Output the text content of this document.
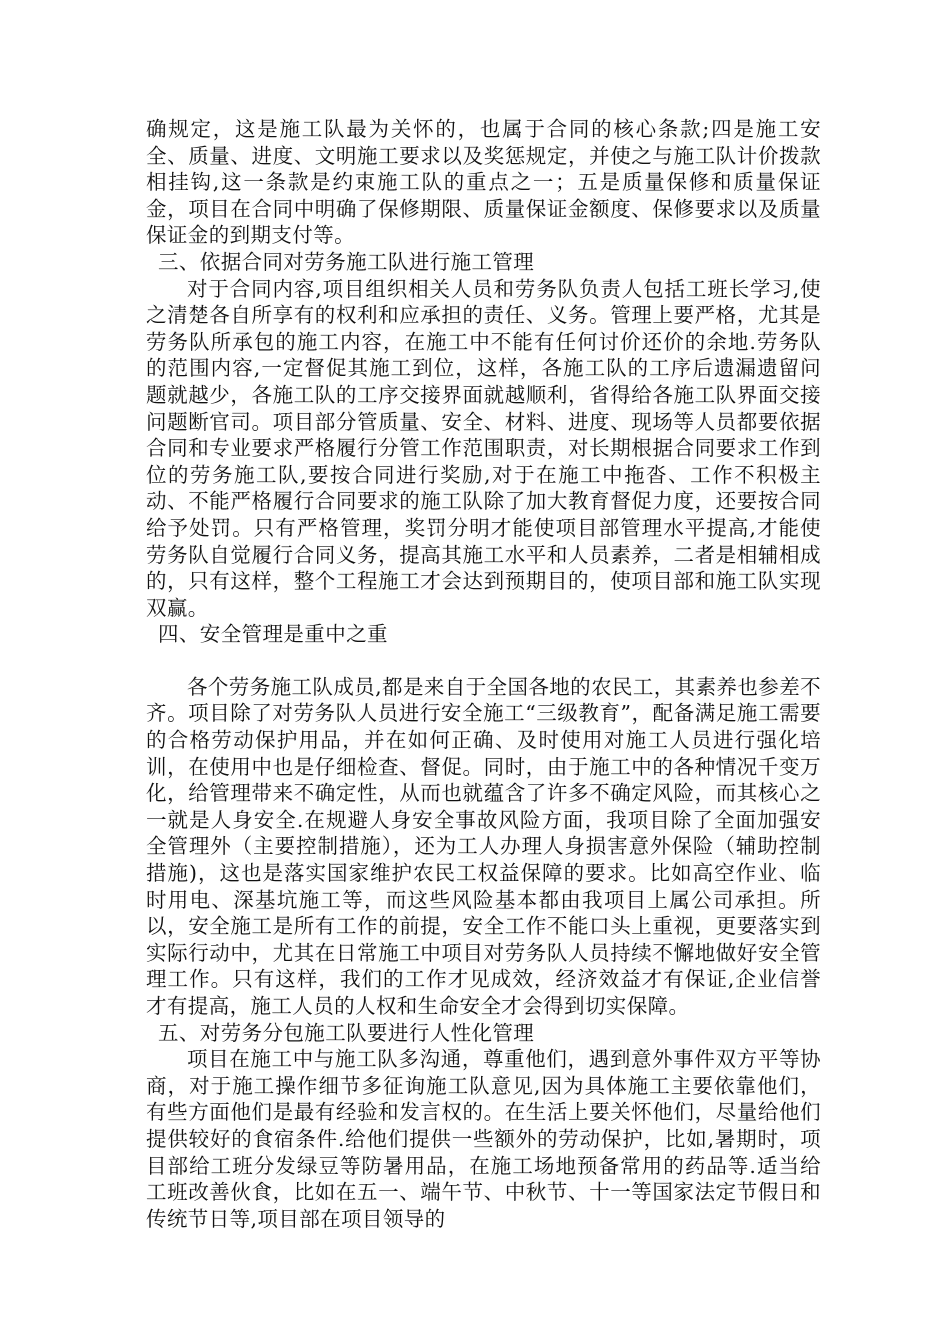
确规定，这是施工队最为关怀的，也属于合同的核心条款;四是施工安全、质量、进度、文明施工要求以及奖惩规定，并使之与施工队计价拨款相挂钩,这一条款是约束施工队的重点之一；五是质量保修和质量保证金，项目在合同中明确了保修期限、质量保证金额度、保修要求以及质量保证金的到期支付等。

三、依据合同对劳务施工队进行施工管理

对于合同内容,项目组织相关人员和劳务队负责人包括工班长学习,使之清楚各自所享有的权利和应承担的责任、义务。管理上要严格，尤其是劳务队所承包的施工内容，在施工中不能有任何讨价还价的余地.劳务队的范围内容,一定督促其施工到位，这样，各施工队的工序后遗漏遗留问题就越少，各施工队的工序交接界面就越顺利，省得给各施工队界面交接问题断官司。项目部分管质量、安全、材料、进度、现场等人员都要依据合同和专业要求严格履行分管工作范围职责，对长期根据合同要求工作到位的劳务施工队,要按合同进行奖励,对于在施工中拖沓、工作不积极主动、不能严格履行合同要求的施工队除了加大教育督促力度，还要按合同给予处罚。只有严格管理，奖罚分明才能使项目部管理水平提高,才能使劳务队自觉履行合同义务，提高其施工水平和人员素养，二者是相辅相成的，只有这样，整个工程施工才会达到预期目的，使项目部和施工队实现双赢。

四、安全管理是重中之重

各个劳务施工队成员,都是来自于全国各地的农民工，其素养也参差不齐。项目除了对劳务队人员进行安全施工“三级教育”，配备满足施工需要的合格劳动保护用品，并在如何正确、及时使用对施工人员进行强化培训，在使用中也是仔细检查、督促。同时，由于施工中的各种情况千变万化，给管理带来不确定性，从而也就蕴含了许多不确定风险，而其核心之一就是人身安全.在规避人身安全事故风险方面，我项目除了全面加强安全管理外（主要控制措施），还为工人办理人身损害意外保险（辅助控制措施)，这也是落实国家维护农民工权益保障的要求。比如高空作业、临时用电、深基坑施工等，而这些风险基本都由我项目上属公司承担。所以，安全施工是所有工作的前提，安全工作不能口头上重视，更要落实到实际行动中，尤其在日常施工中项目对劳务队人员持续不懈地做好安全管理工作。只有这样，我们的工作才见成效，经济效益才有保证,企业信誉才有提高，施工人员的人权和生命安全才会得到切实保障。

五、对劳务分包施工队要进行人性化管理

项目在施工中与施工队多沟通，尊重他们，遇到意外事件双方平等协商，对于施工操作细节多征询施工队意见,因为具体施工主要依靠他们，有些方面他们是最有经验和发言权的。在生活上要关怀他们，尽量给他们提供较好的食宿条件.给他们提供一些额外的劳动保护，比如,暑期时，项目部给工班分发绿豆等防暑用品，在施工场地预备常用的药品等.适当给工班改善伙食，比如在五一、端午节、中秋节、十一等国家法定节假日和传统节日等,项目部在项目领导的
